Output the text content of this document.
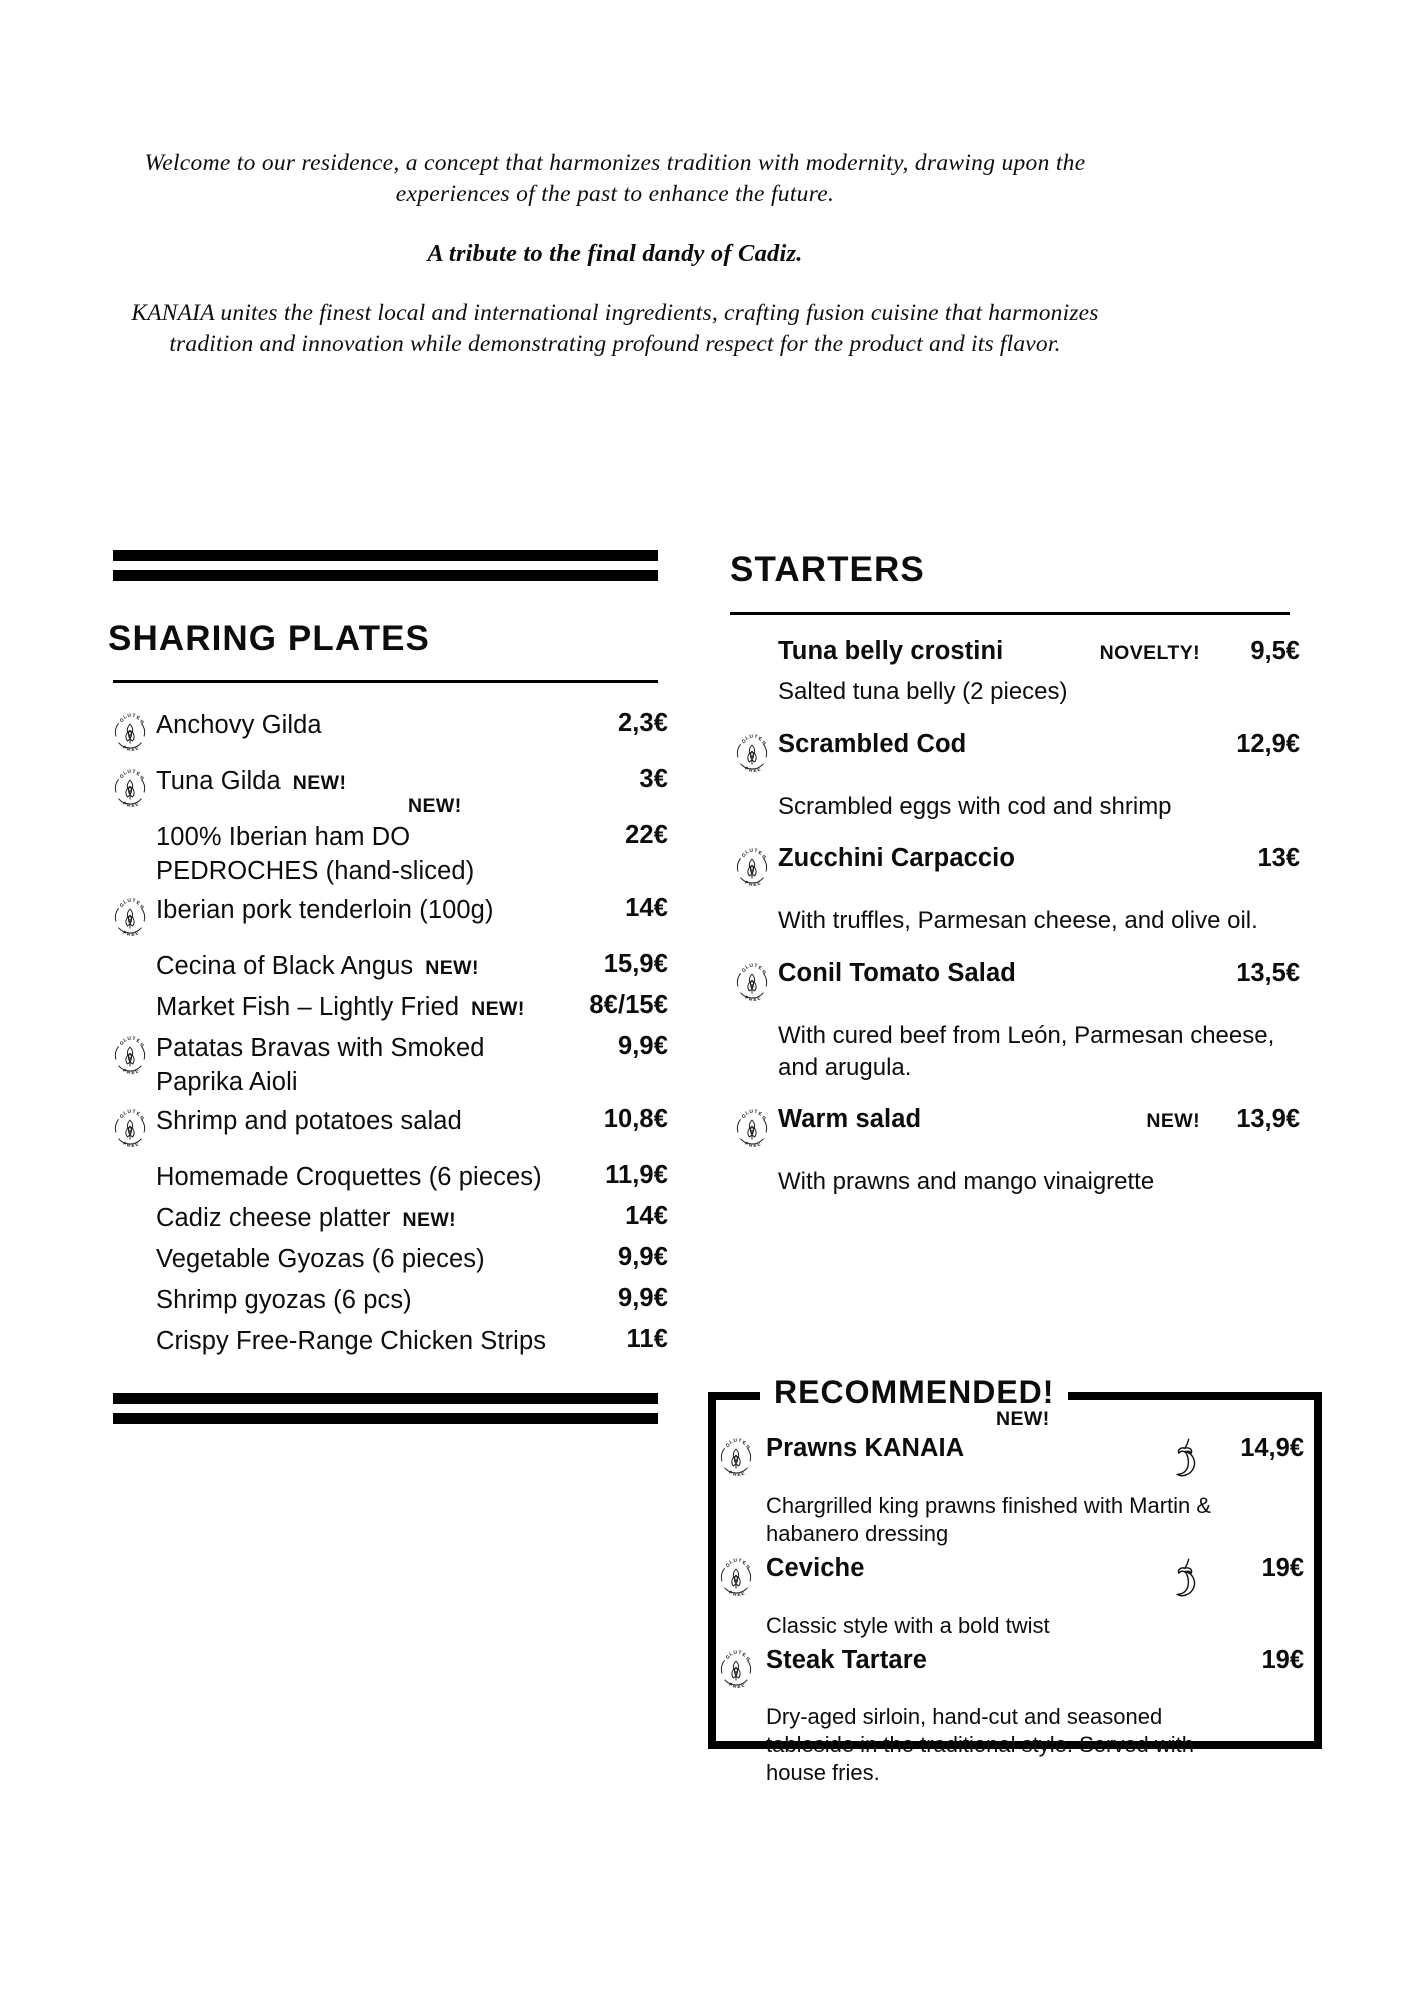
Welcome to our residence, a concept that harmonizes tradition with modernity, drawing upon the experiences of the past to enhance the future.
A tribute to the final dandy of Cadiz.
KANAIA unites the finest local and international ingredients, crafting fusion cuisine that harmonizes tradition and innovation while demonstrating profound respect for the product and its flavor.
SHARING PLATES
G
L U T E
N
F R E E
Anchovy Gilda	2,3€
G
L U T E
N
F R E E
Tuna Gilda NEW!	3€
NEW!
100% Iberian ham DO PEDROCHES (hand-sliced)
22€
G
L U T E
N
F R E E
Iberian pork tenderloin (100g)	14€
Cecina of Black Angus NEW!	15,9€
Market Fish – Lightly Fried NEW!	8€/15€
G
L U T E
N
F R E E
Patatas Bravas with Smoked Paprika Aioli
9,9€
G
L U T E
N
F R E E
Shrimp and potatoes salad	10,8€
Homemade Croquettes (6 pieces)	11,9€
Cadiz cheese platter NEW!	14€
Vegetable Gyozas (6 pieces)	9,9€
Shrimp gyozas (6 pcs)	9,9€
Crispy Free-Range Chicken Strips	11€
STARTERS
Tuna belly crostini	NOVELTY!	9,5€
Salted tuna belly (2 pieces)
G
L U T E
N
F R E E
Scrambled Cod	12,9€
Scrambled eggs with cod and shrimp
G
L U T E
N
F R E E
Zucchini Carpaccio	13€
With truffles, Parmesan cheese, and olive oil.
G
L U T E
N
F R E E
Conil Tomato Salad	13,5€
With cured beef from León, Parmesan cheese, and arugula.
G
L U T E
N
F R E E
Warm salad	NEW!	13,9€
With prawns and mango vinaigrette
RECOMMENDED!
NEW!
G
L U T E
N
F R E E
Prawns KANAIA	14,9€
Chargrilled king prawns finished with Martin & habanero dressing
G
L U T E
N
F R E E
Ceviche	19€
Classic style with a bold twist
G
L U T E
N
F R E E
Steak Tartare	19€
Dry-aged sirloin, hand-cut and seasoned tableside in the traditional style. Served with house fries.
